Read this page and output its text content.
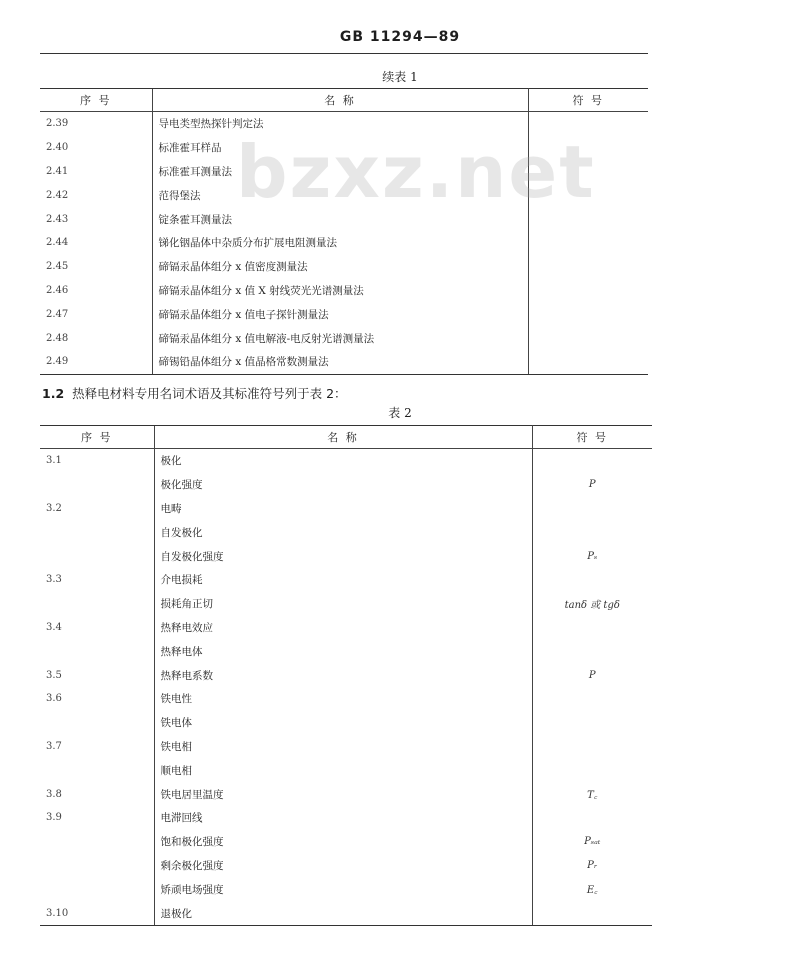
GB 11294—89
续表 1
序 号	名 称	符 号
2.39	导电类型热探针判定法	
2.40	标准霍耳样品	
2.41	标准霍耳测量法	
2.42	范得堡法	
2.43	锭条霍耳测量法	
2.44	锑化铟晶体中杂质分布扩展电阻测量法	
2.45	碲镉汞晶体组分 x 值密度测量法	
2.46	碲镉汞晶体组分 x 值 X 射线荧光光谱测量法	
2.47	碲镉汞晶体组分 x 值电子探针测量法	
2.48	碲镉汞晶体组分 x 值电解液-电反射光谱测量法	
2.49	碲锡铅晶体组分 x 值晶格常数测量法	
1.2 热释电材料专用名词术语及其标准符号列于表 2：
表 2
序 号	名 称	符 号
3.1	极化	
	极化强度	P
3.2	电畴	
	自发极化	
	自发极化强度	Pₛ
3.3	介电损耗	
	损耗角正切	tanδ 或 tgδ
3.4	热释电效应	
	热释电体	
3.5	热释电系数	P
3.6	铁电性	
	铁电体	
3.7	铁电相	
	顺电相	
3.8	铁电居里温度	T꜀
3.9	电滞回线	
	饱和极化强度	Pₛₐₜ
	剩余极化强度	Pᵣ
	矫顽电场强度	E꜀
3.10	退极化	
bzxz.net
